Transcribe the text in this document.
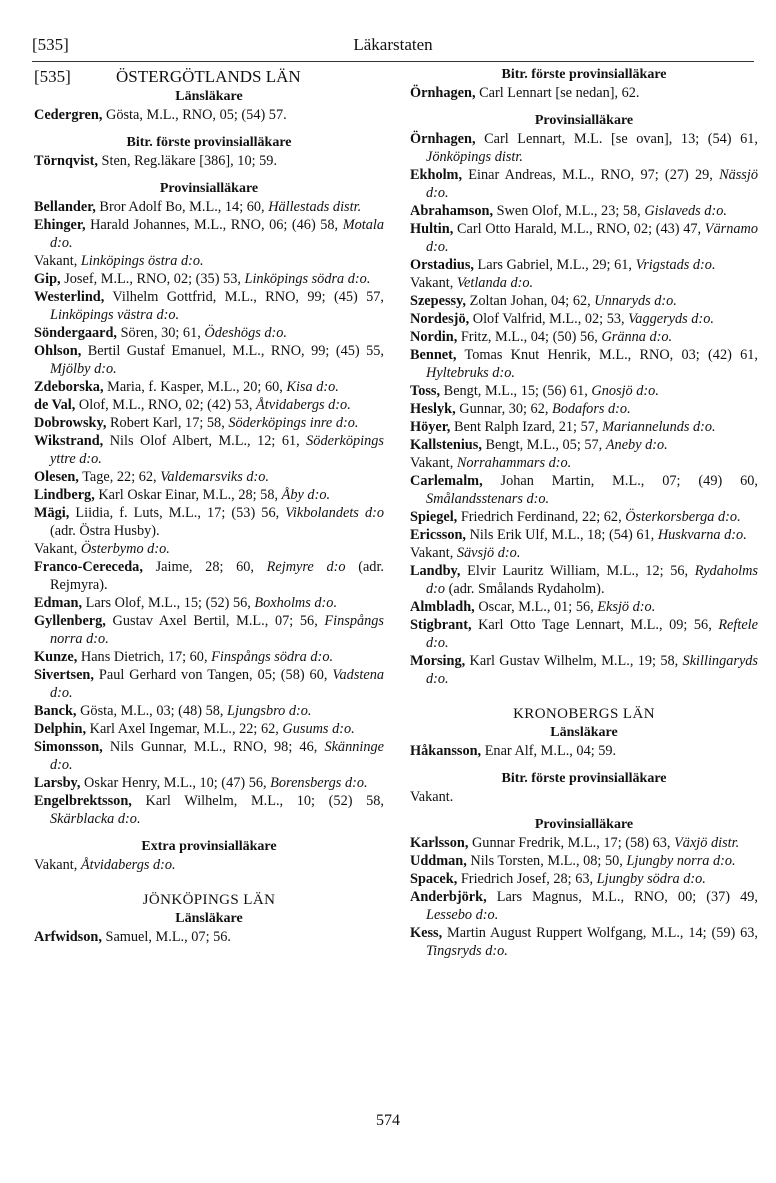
[535]	Läkarstaten
[535]	ÖSTERGÖTLANDS LÄN
Länsläkare
Cedergren, Gösta, M.L., RNO, 05; (54) 57.
Bitr. förste provinsialläkare
Törnqvist, Sten, Reg.läkare [386], 10; 59.
Provinsialläkare
Bellander, Bror Adolf Bo, M.L., 14; 60, Hällestads distr.
Ehinger, Harald Johannes, M.L., RNO, 06; (46) 58, Motala d:o.
Vakant, Linköpings östra d:o.
Gip, Josef, M.L., RNO, 02; (35) 53, Linköpings södra d:o.
Westerlind, Vilhelm Gottfrid, M.L., RNO, 99; (45) 57, Linköpings västra d:o.
Söndergaard, Sören, 30; 61, Ödeshögs d:o.
Ohlson, Bertil Gustaf Emanuel, M.L., RNO, 99; (45) 55, Mjölby d:o.
Zdeborska, Maria, f. Kasper, M.L., 20; 60, Kisa d:o.
de Val, Olof, M.L., RNO, 02; (42) 53, Åtvidabergs d:o.
Dobrowsky, Robert Karl, 17; 58, Söderköpings inre d:o.
Wikstrand, Nils Olof Albert, M.L., 12; 61, Söderköpings yttre d:o.
Olesen, Tage, 22; 62, Valdemarsviks d:o.
Lindberg, Karl Oskar Einar, M.L., 28; 58, Åby d:o.
Mägi, Liidia, f. Luts, M.L., 17; (53) 56, Vikbolandets d:o (adr. Östra Husby).
Vakant, Österbymo d:o.
Franco-Cereceda, Jaime, 28; 60, Rejmyre d:o (adr. Rejmyra).
Edman, Lars Olof, M.L., 15; (52) 56, Boxholms d:o.
Gyllenberg, Gustav Axel Bertil, M.L., 07; 56, Finspångs norra d:o.
Kunze, Hans Dietrich, 17; 60, Finspångs södra d:o.
Sivertsen, Paul Gerhard von Tangen, 05; (58) 60, Vadstena d:o.
Banck, Gösta, M.L., 03; (48) 58, Ljungsbro d:o.
Delphin, Karl Axel Ingemar, M.L., 22; 62, Gusums d:o.
Simonsson, Nils Gunnar, M.L., RNO, 98; 46, Skänninge d:o.
Larsby, Oskar Henry, M.L., 10; (47) 56, Borensbergs d:o.
Engelbrektsson, Karl Wilhelm, M.L., 10; (52) 58, Skärblacka d:o.
Extra provinsialläkare
Vakant, Åtvidabergs d:o.
JÖNKÖPINGS LÄN
Länsläkare
Arfwidson, Samuel, M.L., 07; 56.
Bitr. förste provinsialläkare
Örnhagen, Carl Lennart [se nedan], 62.
Provinsialläkare
Örnhagen, Carl Lennart, M.L. [se ovan], 13; (54) 61, Jönköpings distr.
Ekholm, Einar Andreas, M.L., RNO, 97; (27) 29, Nässjö d:o.
Abrahamson, Swen Olof, M.L., 23; 58, Gislaveds d:o.
Hultin, Carl Otto Harald, M.L., RNO, 02; (43) 47, Värnamo d:o.
Orstadius, Lars Gabriel, M.L., 29; 61, Vrigstads d:o.
Vakant, Vetlanda d:o.
Szepessy, Zoltan Johan, 04; 62, Unnaryds d:o.
Nordesjö, Olof Valfrid, M.L., 02; 53, Vaggeryds d:o.
Nordin, Fritz, M.L., 04; (50) 56, Gränna d:o.
Bennet, Tomas Knut Henrik, M.L., RNO, 03; (42) 61, Hyltebruks d:o.
Toss, Bengt, M.L., 15; (56) 61, Gnosjö d:o.
Heslyk, Gunnar, 30; 62, Bodafors d:o.
Höyer, Bent Ralph Izard, 21; 57, Mariannelunds d:o.
Kallstenius, Bengt, M.L., 05; 57, Aneby d:o.
Vakant, Norrahammars d:o.
Carlemalm, Johan Martin, M.L., 07; (49) 60, Smålandsstenars d:o.
Spiegel, Friedrich Ferdinand, 22; 62, Österkorsberga d:o.
Ericsson, Nils Erik Ulf, M.L., 18; (54) 61, Huskvarna d:o.
Vakant, Sävsjö d:o.
Landby, Elvir Lauritz William, M.L., 12; 56, Rydaholms d:o (adr. Smålands Rydaholm).
Almbladh, Oscar, M.L., 01; 56, Eksjö d:o.
Stigbrant, Karl Otto Tage Lennart, M.L., 09; 56, Reftele d:o.
Morsing, Karl Gustav Wilhelm, M.L., 19; 58, Skillingaryds d:o.
KRONOBERGS LÄN
Länsläkare
Håkansson, Enar Alf, M.L., 04; 59.
Bitr. förste provinsialläkare
Vakant.
Provinsialläkare
Karlsson, Gunnar Fredrik, M.L., 17; (58) 63, Växjö distr.
Uddman, Nils Torsten, M.L., 08; 50, Ljungby norra d:o.
Spacek, Friedrich Josef, 28; 63, Ljungby södra d:o.
Anderbjörk, Lars Magnus, M.L., RNO, 00; (37) 49, Lessebo d:o.
Kess, Martin August Ruppert Wolfgang, M.L., 14; (59) 63, Tingsryds d:o.
574
